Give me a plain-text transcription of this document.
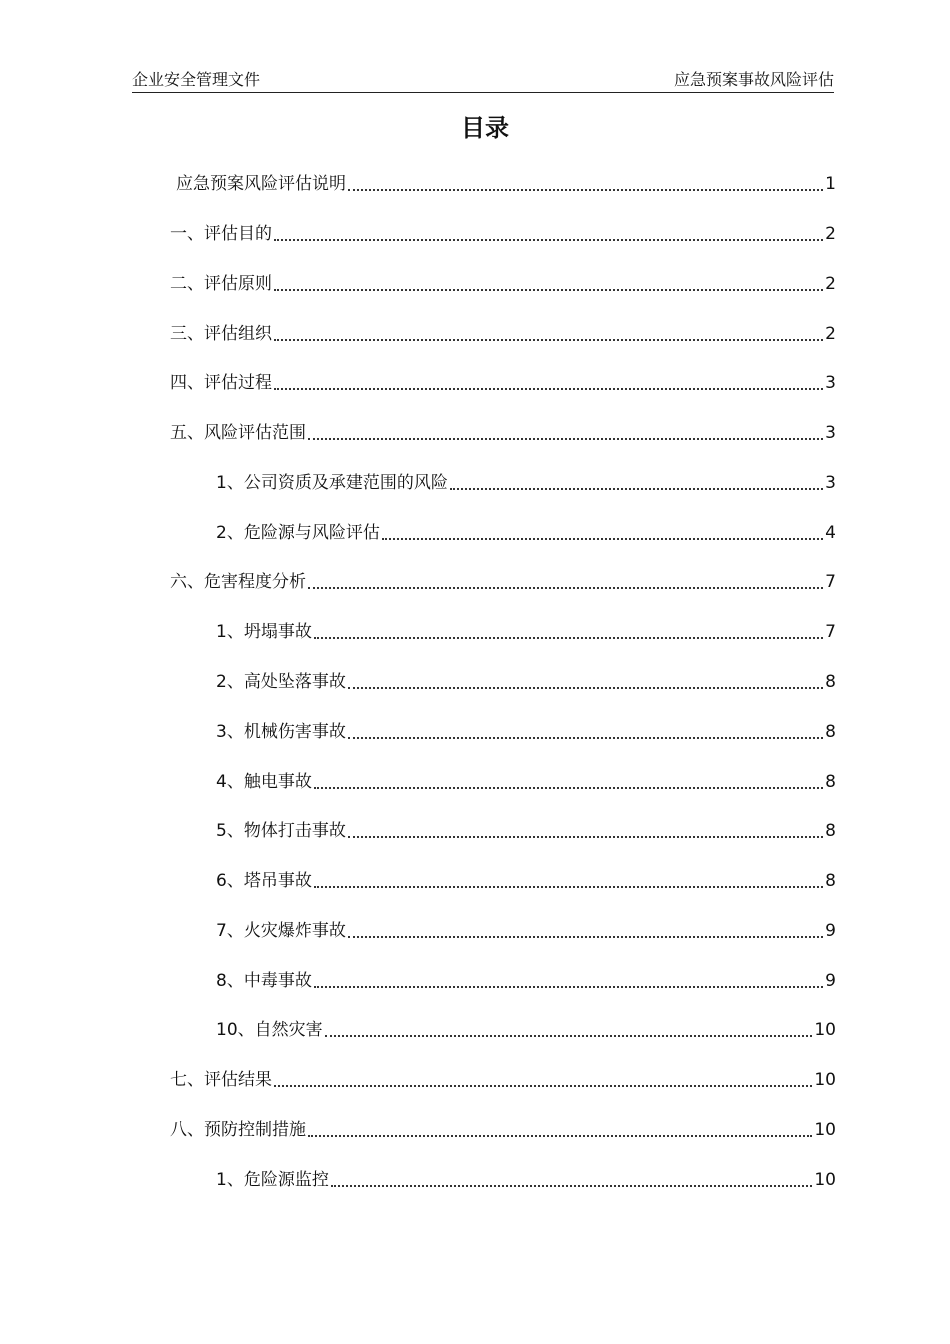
企业安全管理文件	应急预案事故风险评估
目录
应急预案风险评估说明	1
一、评估目的	2
二、评估原则	2
三、评估组织	2
四、评估过程	3
五、风险评估范围	3
1、公司资质及承建范围的风险	3
2、危险源与风险评估	4
六、危害程度分析	7
1、坍塌事故	7
2、高处坠落事故	8
3、机械伤害事故	8
4、触电事故	8
5、物体打击事故	8
6、塔吊事故	8
7、火灾爆炸事故	9
8、中毒事故	9
10、自然灾害	10
七、评估结果	10
八、预防控制措施	10
1、危险源监控	10
